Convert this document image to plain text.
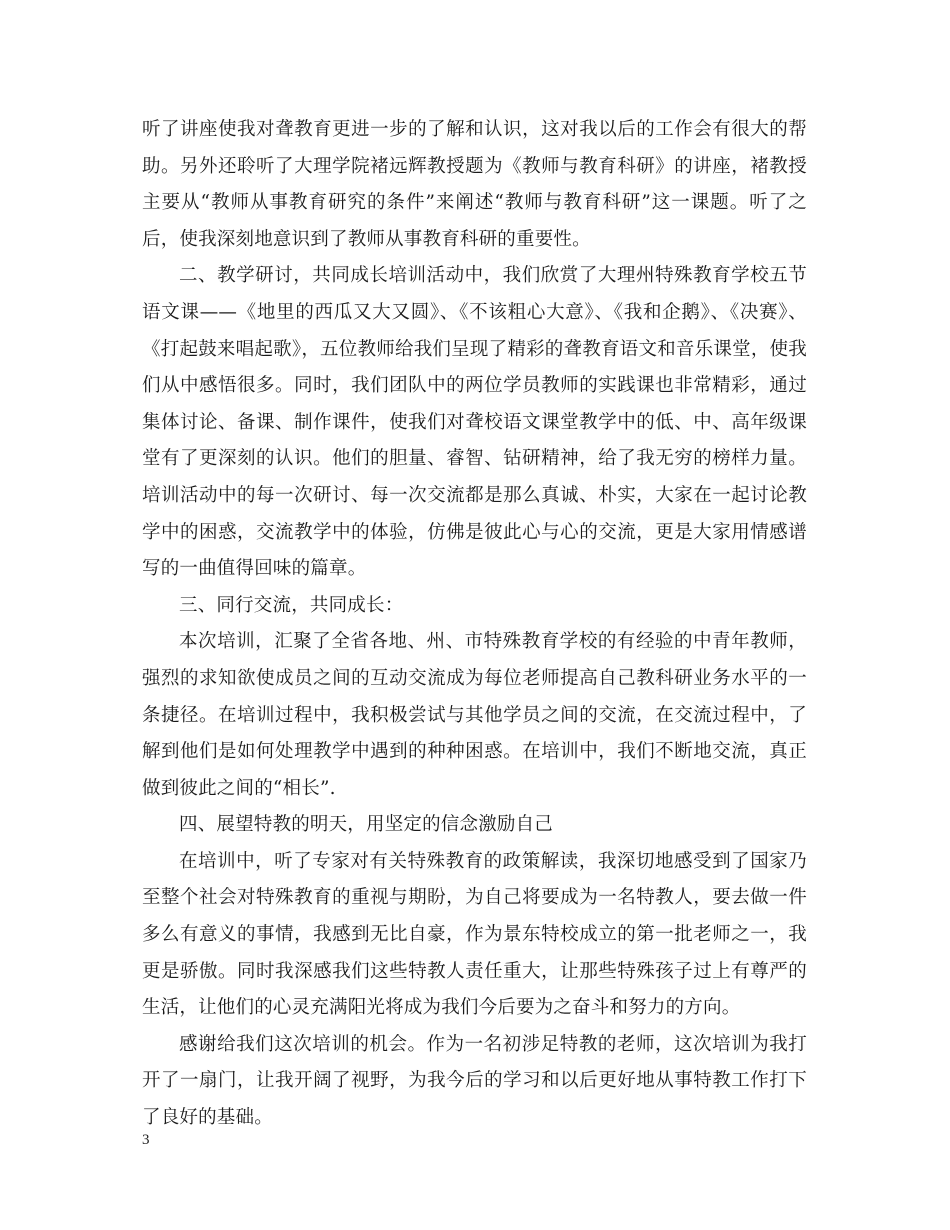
听了讲座使我对聋教育更进一步的了解和认识，这对我以后的工作会有很大的帮助。另外还聆听了大理学院褚远辉教授题为《教师与教育科研》的讲座，褚教授主要从“教师从事教育研究的条件”来阐述“教师与教育科研”这一课题。听了之后，使我深刻地意识到了教师从事教育科研的重要性。

二、教学研讨，共同成长培训活动中，我们欣赏了大理州特殊教育学校五节语文课——《地里的西瓜又大又圆》、《不该粗心大意》、《我和企鹅》、《决赛》、《打起鼓来唱起歌》，五位教师给我们呈现了精彩的聋教育语文和音乐课堂，使我们从中感悟很多。同时，我们团队中的两位学员教师的实践课也非常精彩，通过集体讨论、备课、制作课件，使我们对聋校语文课堂教学中的低、中、高年级课堂有了更深刻的认识。他们的胆量、睿智、钻研精神，给了我无穷的榜样力量。培训活动中的每一次研讨、每一次交流都是那么真诚、朴实，大家在一起讨论教学中的困惑，交流教学中的体验，仿佛是彼此心与心的交流，更是大家用情感谱写的一曲值得回味的篇章。

三、同行交流，共同成长：

本次培训，汇聚了全省各地、州、市特殊教育学校的有经验的中青年教师，强烈的求知欲使成员之间的互动交流成为每位老师提高自己教科研业务水平的一条捷径。在培训过程中，我积极尝试与其他学员之间的交流，在交流过程中，了解到他们是如何处理教学中遇到的种种困惑。在培训中，我们不断地交流，真正做到彼此之间的“相长”.

四、展望特教的明天，用坚定的信念激励自己

在培训中，听了专家对有关特殊教育的政策解读，我深切地感受到了国家乃至整个社会对特殊教育的重视与期盼，为自己将要成为一名特教人，要去做一件多么有意义的事情，我感到无比自豪，作为景东特校成立的第一批老师之一，我更是骄傲。同时我深感我们这些特教人责任重大，让那些特殊孩子过上有尊严的生活，让他们的心灵充满阳光将成为我们今后要为之奋斗和努力的方向。

感谢给我们这次培训的机会。作为一名初涉足特教的老师，这次培训为我打开了一扇门，让我开阔了视野，为我今后的学习和以后更好地从事特教工作打下了良好的基础。

3
